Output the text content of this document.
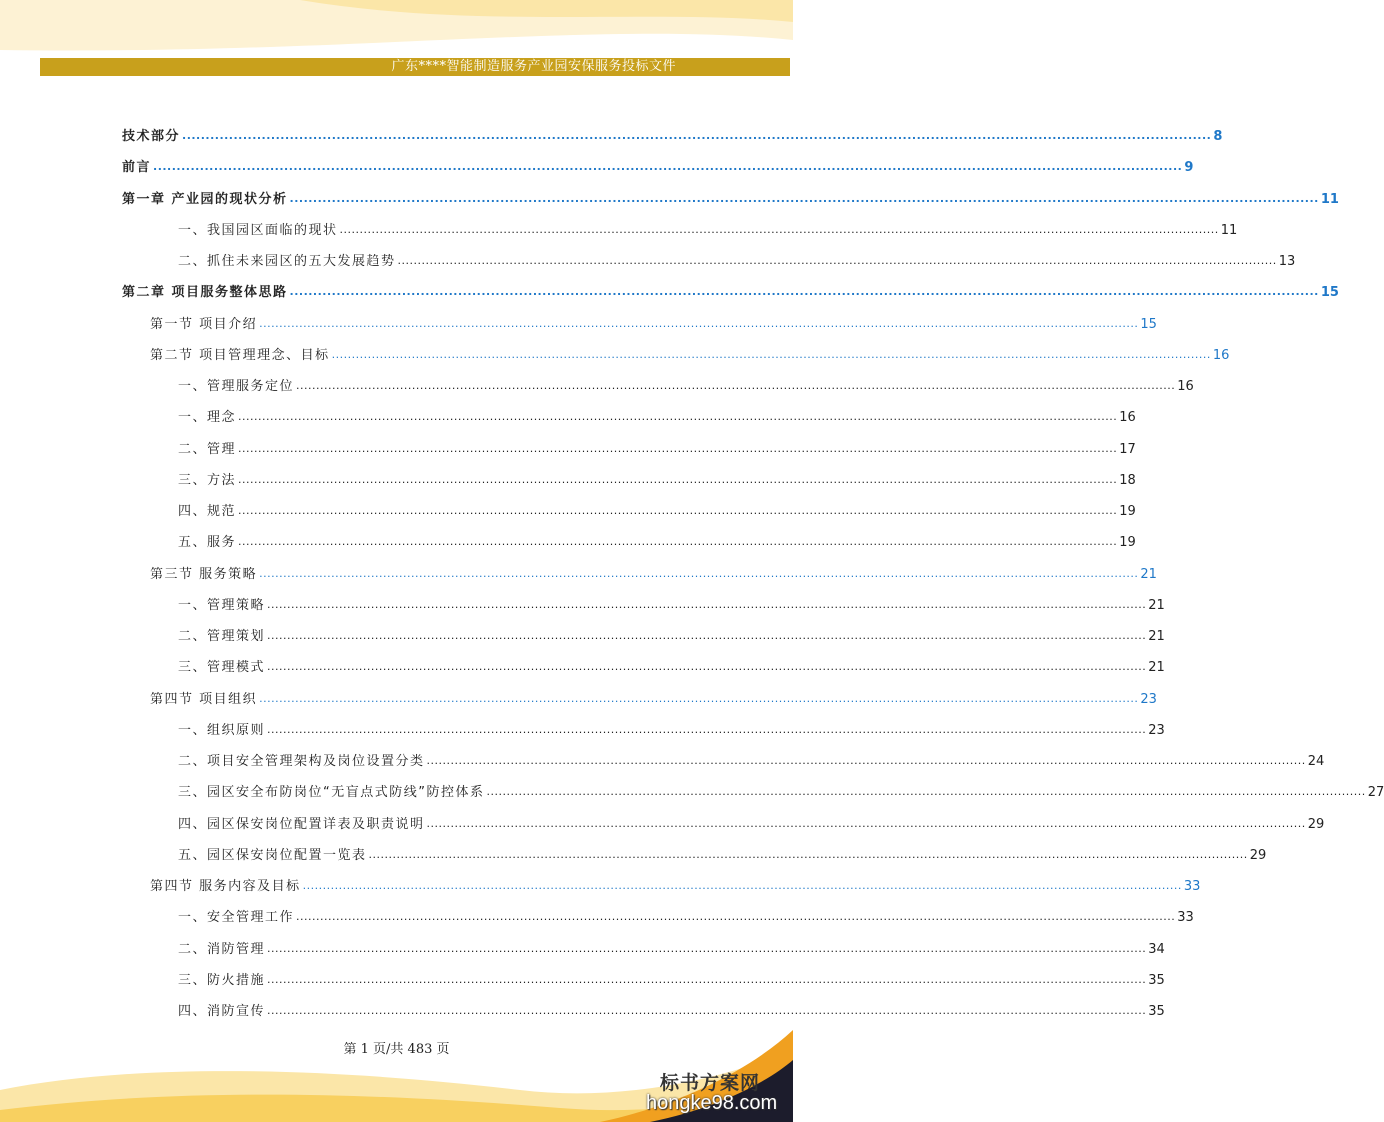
广东****智能制造服务产业园安保服务投标文件
技术部分 ............................................................................................................................................................................................................................ 8
前言 ............................................................................................................................................................................................................................ 9
第一章 产业园的现状分析 ............................................................................................................................................................................................................................ 11
一、我国园区面临的现状 ............................................................................................................................................................................................................................ 11
二、抓住未来园区的五大发展趋势 ............................................................................................................................................................................................................................ 13
第二章 项目服务整体思路 ............................................................................................................................................................................................................................ 15
第一节 项目介绍 ............................................................................................................................................................................................................................ 15
第二节 项目管理理念、目标 ............................................................................................................................................................................................................................ 16
一、管理服务定位 ............................................................................................................................................................................................................................ 16
一、理念 ............................................................................................................................................................................................................................ 16
二、管理 ............................................................................................................................................................................................................................ 17
三、方法 ............................................................................................................................................................................................................................ 18
四、规范 ............................................................................................................................................................................................................................ 19
五、服务 ............................................................................................................................................................................................................................ 19
第三节 服务策略 ............................................................................................................................................................................................................................ 21
一、管理策略 ............................................................................................................................................................................................................................ 21
二、管理策划 ............................................................................................................................................................................................................................ 21
三、管理模式 ............................................................................................................................................................................................................................ 21
第四节 项目组织 ............................................................................................................................................................................................................................ 23
一、组织原则 ............................................................................................................................................................................................................................ 23
二、项目安全管理架构及岗位设置分类 ............................................................................................................................................................................................................................ 24
三、园区安全布防岗位“无盲点式防线”防控体系 ............................................................................................................................................................................................................................ 27
四、园区保安岗位配置详表及职责说明 ............................................................................................................................................................................................................................ 29
五、园区保安岗位配置一览表 ............................................................................................................................................................................................................................ 29
第四节 服务内容及目标 ............................................................................................................................................................................................................................ 33
一、安全管理工作 ............................................................................................................................................................................................................................ 33
二、消防管理 ............................................................................................................................................................................................................................ 34
三、防火措施 ............................................................................................................................................................................................................................ 35
四、消防宣传 ............................................................................................................................................................................................................................ 35
第 1 页/共 483 页
标书方案网
hongke98.com
